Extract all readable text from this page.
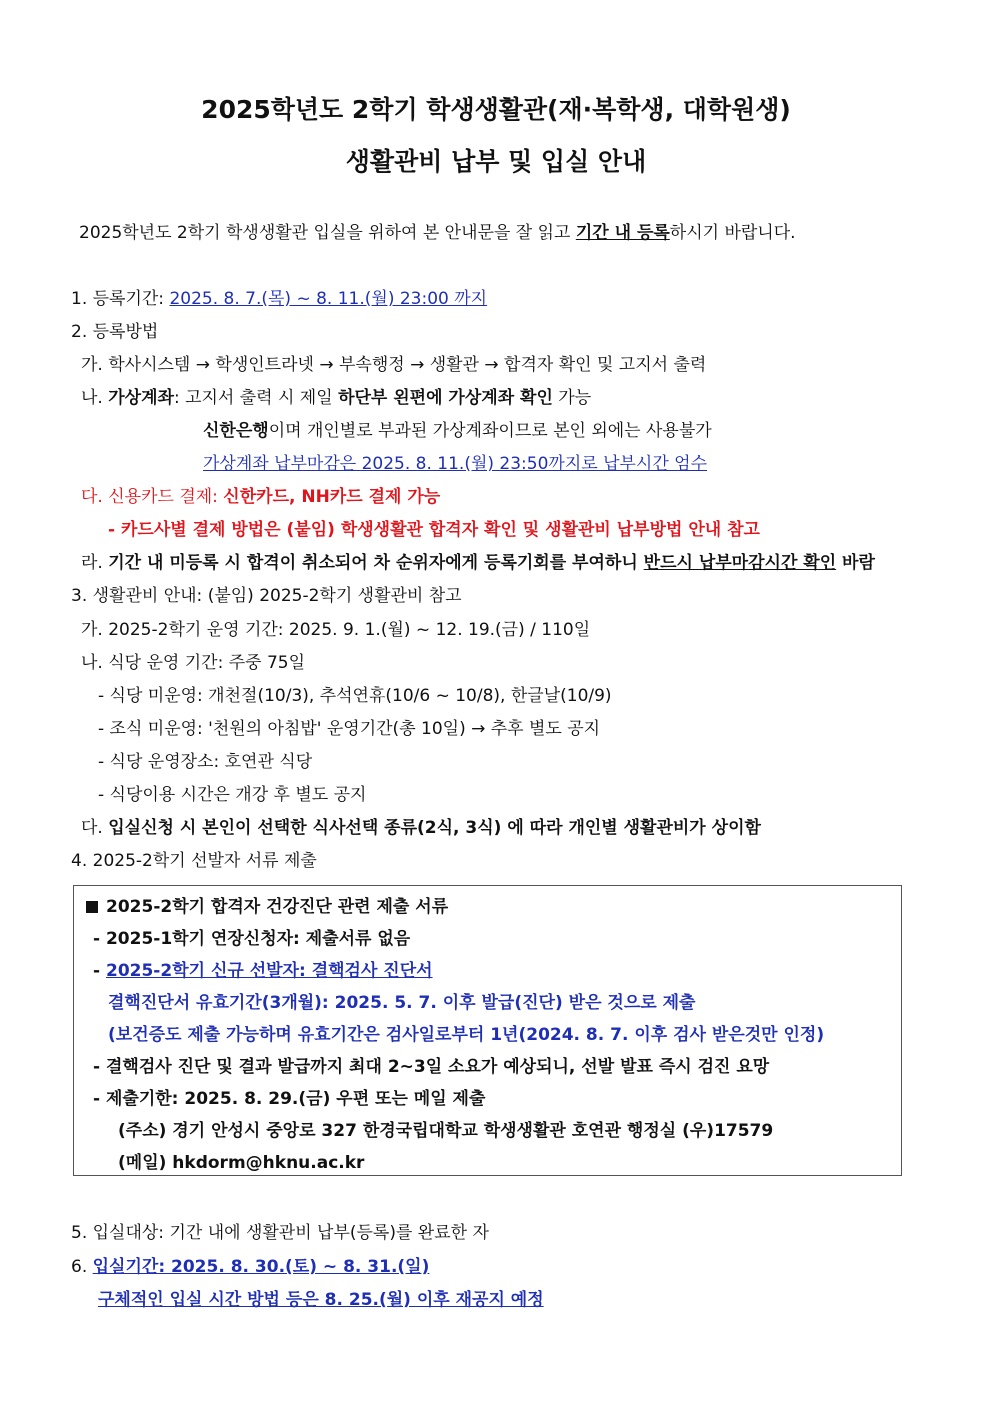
2025학년도 2학기 학생생활관(재·복학생, 대학원생)
생활관비 납부 및 입실 안내
2025학년도 2학기 학생생활관 입실을 위하여 본 안내문을 잘 읽고 기간 내 등록하시기 바랍니다.
1. 등록기간: 2025. 8. 7.(목) ~ 8. 11.(월) 23:00 까지
2. 등록방법
가. 학사시스템 → 학생인트라넷 → 부속행정 → 생활관 → 합격자 확인 및 고지서 출력
나. 가상계좌: 고지서 출력 시 제일 하단부 왼편에 가상계좌 확인 가능
신한은행이며 개인별로 부과된 가상계좌이므로 본인 외에는 사용불가
가상계좌 납부마감은 2025. 8. 11.(월) 23:50까지로 납부시간 엄수
다. 신용카드 결제: 신한카드, NH카드 결제 가능
- 카드사별 결제 방법은 (붙임) 학생생활관 합격자 확인 및 생활관비 납부방법 안내 참고
라. 기간 내 미등록 시 합격이 취소되어 차 순위자에게 등록기회를 부여하니 반드시 납부마감시간 확인 바람
3. 생활관비 안내: (붙임) 2025-2학기 생활관비 참고
가. 2025-2학기 운영 기간: 2025. 9. 1.(월) ~ 12. 19.(금) / 110일
나. 식당 운영 기간: 주중 75일
- 식당 미운영: 개천절(10/3), 추석연휴(10/6 ~ 10/8), 한글날(10/9)
- 조식 미운영: '천원의 아침밥' 운영기간(총 10일) → 추후 별도 공지
- 식당 운영장소: 호연관 식당
- 식당이용 시간은 개강 후 별도 공지
다. 입실신청 시 본인이 선택한 식사선택 종류(2식, 3식) 에 따라 개인별 생활관비가 상이함
4. 2025-2학기 선발자 서류 제출
2025-2학기 합격자 건강진단 관련 제출 서류
- 2025-1학기 연장신청자: 제출서류 없음
- 2025-2학기 신규 선발자: 결핵검사 진단서
결핵진단서 유효기간(3개월): 2025. 5. 7. 이후 발급(진단) 받은 것으로 제출
(보건증도 제출 가능하며 유효기간은 검사일로부터 1년(2024. 8. 7. 이후 검사 받은것만 인정)
- 결핵검사 진단 및 결과 발급까지 최대 2~3일 소요가 예상되니, 선발 발표 즉시 검진 요망
- 제출기한: 2025. 8. 29.(금) 우편 또는 메일 제출
(주소) 경기 안성시 중앙로 327 한경국립대학교 학생생활관 호연관 행정실 (우)17579
(메일) hkdorm@hknu.ac.kr
5. 입실대상: 기간 내에 생활관비 납부(등록)를 완료한 자
6. 입실기간: 2025. 8. 30.(토) ~ 8. 31.(일)
구체적인 입실 시간 방법 등은 8. 25.(월) 이후 재공지 예정
